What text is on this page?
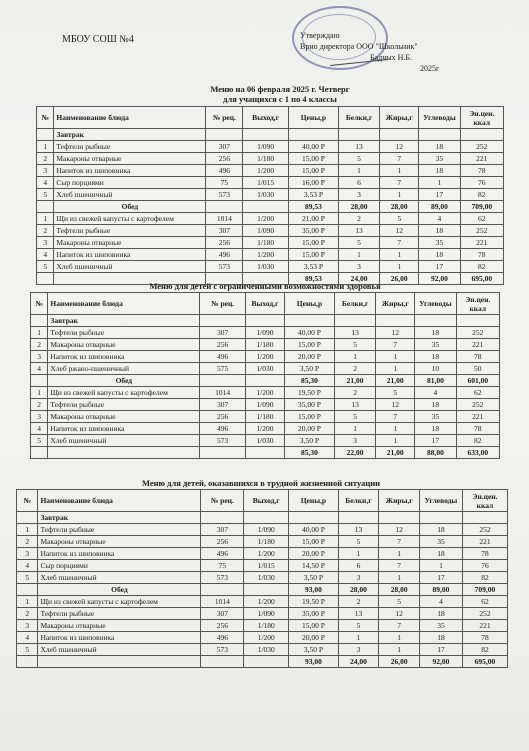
МБОУ СОШ №4	Утверждаю
Врио директора ООО "Школьник"
Бадчых Н.Б.
2025г
Меню на 06 февраля 2025 г. Четверг
для учащихся с 1 по 4 классы
№	Наименование блюда	№ рец.	Выход,г	Цены,р	Белки,г	Жиры,г	Углеводы	Эн.цен. ккал
	Завтрак							
1	Тефтели рыбные	307	1/090	40,00 Р	13	12	18	252
2	Макароны отварные	256	1/180	15,00 Р	5	7	35	221
3	Напиток из шиповника	496	1/200	15,00 Р	1	1	18	78
4	Сыр порциями	75	1/015	16,00 Р	6	7	1	76
5	Хлеб пшеничный	573	1/030	3,53 Р	3	1	17	82
	Обед			89,53	28,00	28,00	89,00	709,00
1	Щи из свежей капусты с картофелем	1014	1/200	21,00 Р	2	5	4	62
2	Тефтели рыбные	307	1/090	35,00 Р	13	12	18	252
3	Макароны отварные	256	1/180	15,00 Р	5	7	35	221
4	Напиток из шиповника	496	1/200	15,00 Р	1	1	18	78
5	Хлеб пшеничный	573	1/030	3,53 Р	3	1	17	82
				89,53	24,00	26,00	92,00	695,00
Меню для детей с ограниченными возможностями здоровья
№	Наименование блюда	№ рец.	Выход,г	Цены,р	Белки,г	Жиры,г	Углеводы	Эн.цен. ккал
	Завтрак							
1	Тефтели рыбные	307	1/090	40,00 Р	13	12	18	252
2	Макароны отварные	256	1/180	15,00 Р	5	7	35	221
3	Напиток из шиповника	496	1/200	20,00 Р	1	1	18	78
4	Хлеб ржано-пшеничный	575	1/030	3,50 Р	2	1	10	50
	Обед			85,30	21,00	21,00	81,00	601,00
1	Щи из свежей капусты с картофелем	1014	1/200	19,50 Р	2	5	4	62
2	Тефтели рыбные	307	1/090	35,00 Р	13	12	18	252
3	Макароны отварные	256	1/180	15,00 Р	5	7	35	221
4	Напиток из шиповника	496	1/200	20,00 Р	1	1	18	78
5	Хлеб пшеничный	573	1/030	3,50 Р	3	1	17	82
				85,30	22,00	21,00	88,00	633,00
Меню для детей, оказавшихся в трудной жизненной ситуации
№	Наименование блюда	№ рец.	Выход,г	Цены,р	Белки,г	Жиры,г	Углеводы	Эн.цен. ккал
	Завтрак							
1	Тефтели рыбные	307	1/090	40,00 Р	13	12	18	252
2	Макароны отварные	256	1/180	15,00 Р	5	7	35	221
3	Напиток из шиповника	496	1/200	20,00 Р	1	1	18	78
4	Сыр порциями	75	1/015	14,50 Р	6	7	1	76
5	Хлеб пшеничный	573	1/030	3,50 Р	3	1	17	82
	Обед			93,00	28,00	28,00	89,00	709,00
1	Щи из свежей капусты с картофелем	1014	1/200	19,50 Р	2	5	4	62
2	Тефтели рыбные	307	1/090	35,00 Р	13	12	18	252
3	Макароны отварные	256	1/180	15,00 Р	5	7	35	221
4	Напиток из шиповника	496	1/200	20,00 Р	1	1	18	78
5	Хлеб пшеничный	573	1/030	3,50 Р	3	1	17	82
				93,00	24,00	26,00	92,00	695,00
